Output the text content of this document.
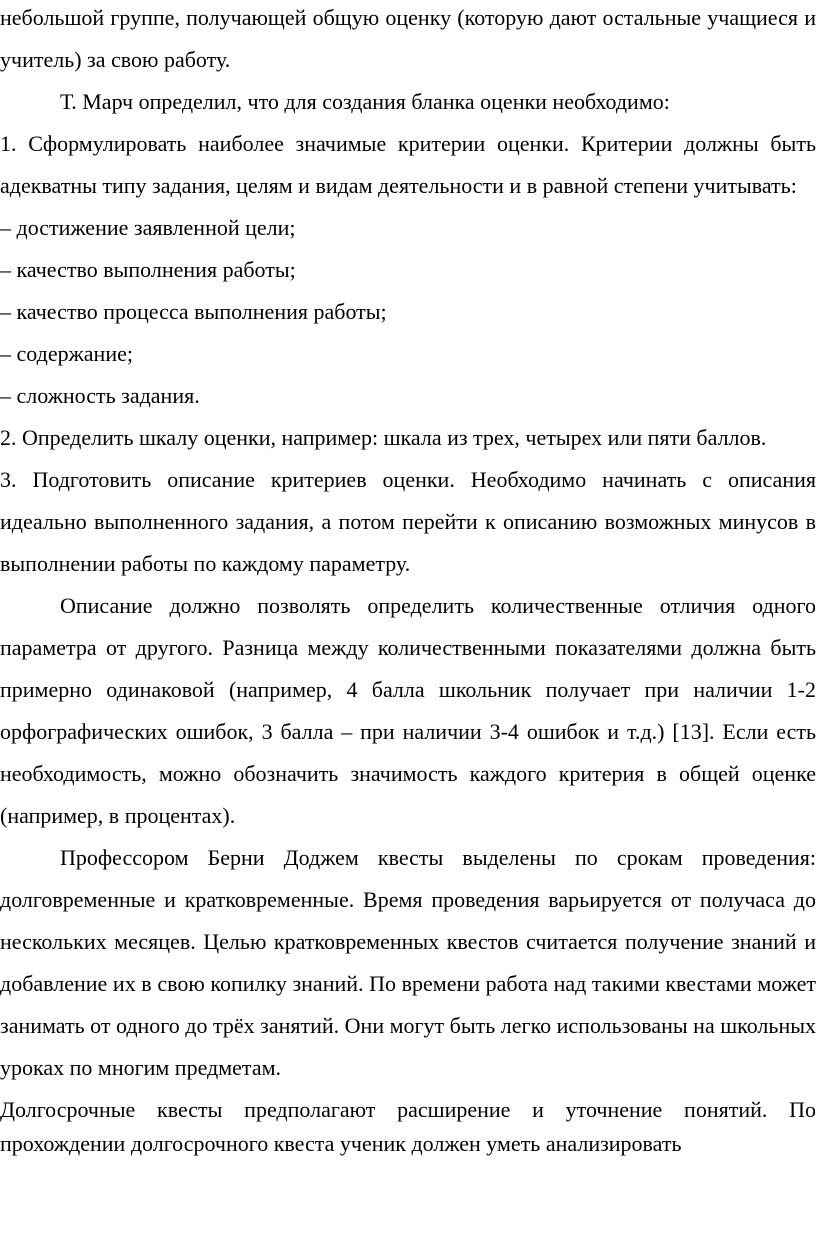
небольшой группе, получающей общую оценку (которую дают остальные учащиеся и учитель) за свою работу.

Т. Марч определил, что для создания бланка оценки необходимо:

1. Сформулировать наиболее значимые критерии оценки. Критерии должны быть адекватны типу задания, целям и видам деятельности и в равной степени учитывать:

– достижение заявленной цели;

– качество выполнения работы;

– качество процесса выполнения работы;

– содержание;

– сложность задания.

2. Определить шкалу оценки, например: шкала из трех, четырех или пяти баллов.

3. Подготовить описание критериев оценки. Необходимо начинать с описания идеально выполненного задания, а потом перейти к описанию возможных минусов в выполнении работы по каждому параметру.

Описание должно позволять определить количественные отличия одного параметра от другого. Разница между количественными показателями должна быть примерно одинаковой (например, 4 балла школьник получает при наличии 1-2 орфографических ошибок, 3 балла – при наличии 3-4 ошибок и т.д.) [13]. Если есть необходимость, можно обозначить значимость каждого критерия в общей оценке (например, в процентах).

Профессором Берни Доджем квесты выделены по срокам проведения: долговременные и кратковременные. Время проведения варьируется от получаса до нескольких месяцев. Целью кратковременных квестов считается получение знаний и добавление их в свою копилку знаний. По времени работа над такими квестами может занимать от одного до трёх занятий. Они могут быть легко использованы на школьных уроках по многим предметам.

Долгосрочные квесты предполагают расширение и уточнение понятий. По прохождении долгосрочного квеста ученик должен уметь анализировать
